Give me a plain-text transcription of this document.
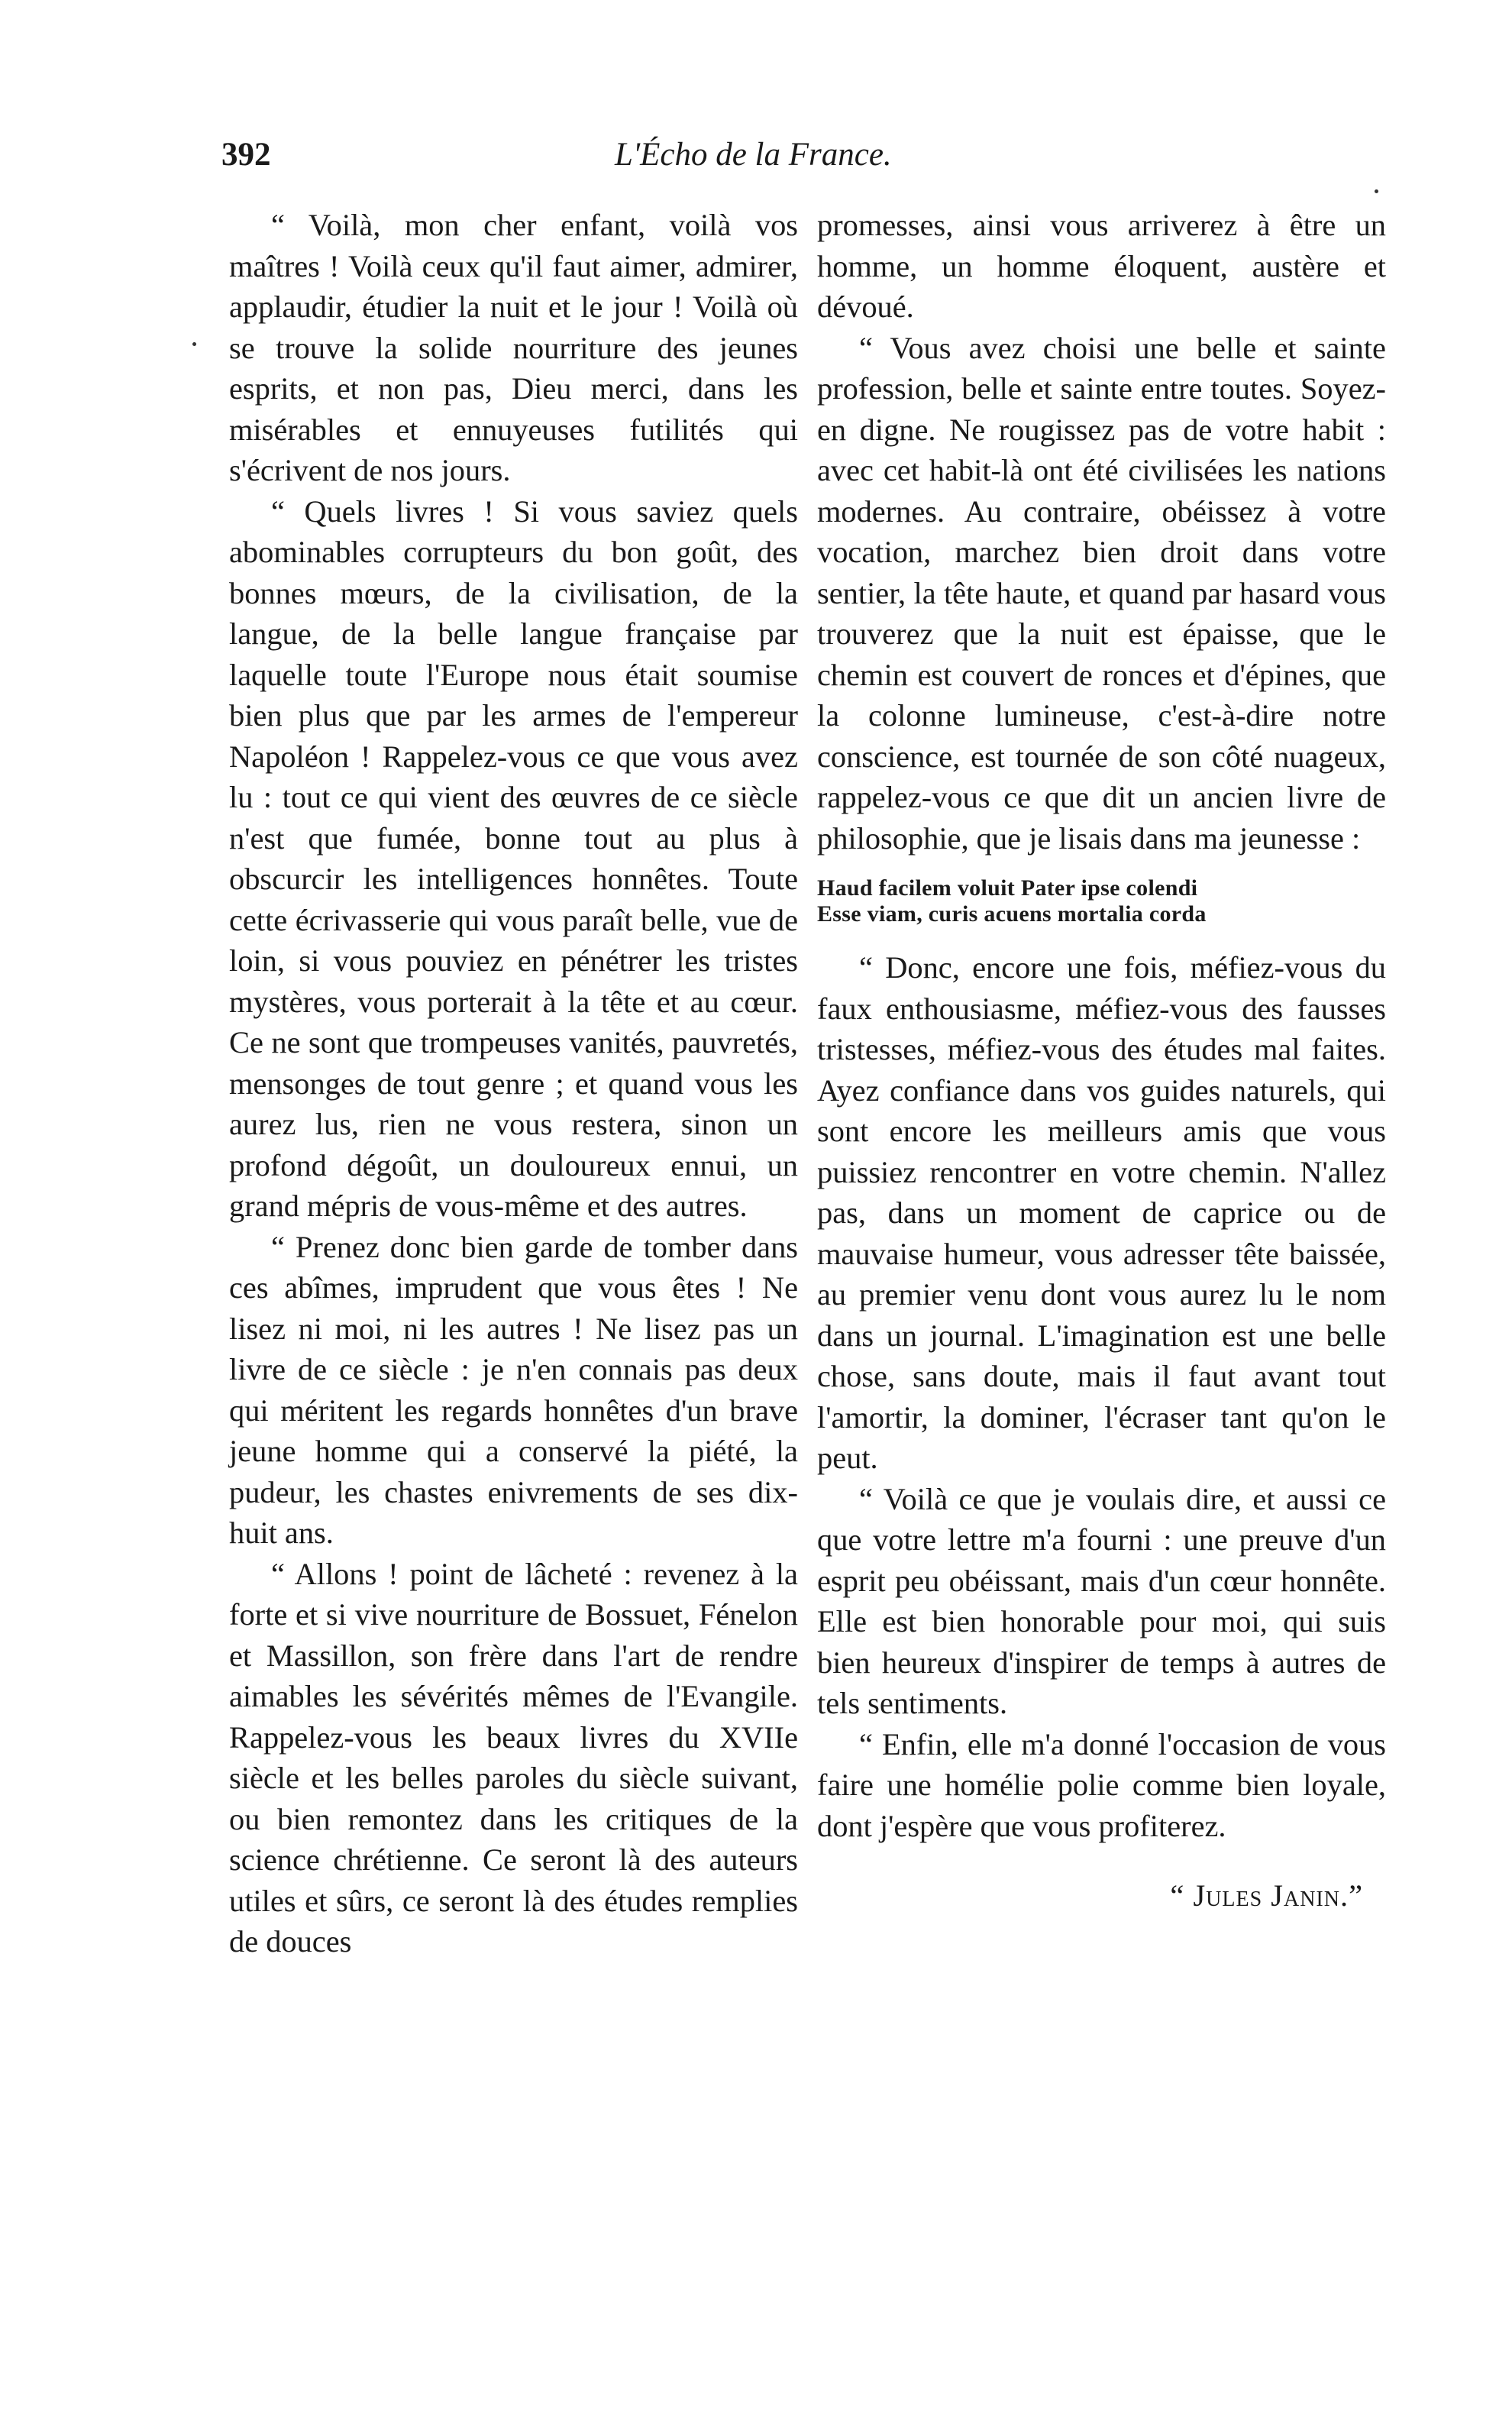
392	L'Écho de la France.

“ Voilà, mon cher enfant, voilà vos maîtres ! Voilà ceux qu'il faut aimer, admirer, applaudir, étudier la nuit et le jour ! Voilà où se trouve la solide nourriture des jeunes esprits, et non pas, Dieu merci, dans les misérables et ennuyeuses futilités qui s'écrivent de nos jours.

“ Quels livres ! Si vous saviez quels abominables corrupteurs du bon goût, des bonnes mœurs, de la civilisation, de la langue, de la belle langue française par laquelle toute l'Europe nous était soumise bien plus que par les armes de l'empereur Napoléon ! Rappelez-vous ce que vous avez lu : tout ce qui vient des œuvres de ce siècle n'est que fumée, bonne tout au plus à obscurcir les intelligences honnêtes. Toute cette écrivasserie qui vous paraît belle, vue de loin, si vous pouviez en pénétrer les tristes mystères, vous porterait à la tête et au cœur. Ce ne sont que trompeuses vanités, pauvretés, mensonges de tout genre ; et quand vous les aurez lus, rien ne vous restera, sinon un profond dégoût, un douloureux ennui, un grand mépris de vous-même et des autres.

“ Prenez donc bien garde de tomber dans ces abîmes, imprudent que vous êtes ! Ne lisez ni moi, ni les autres ! Ne lisez pas un livre de ce siècle : je n'en connais pas deux qui méritent les regards honnêtes d'un brave jeune homme qui a conservé la piété, la pudeur, les chastes enivrements de ses dix-huit ans.

“ Allons ! point de lâcheté : revenez à la forte et si vive nourriture de Bossuet, Fénelon et Massillon, son frère dans l'art de rendre aimables les sévérités mêmes de l'Evangile. Rappelez-vous les beaux livres du XVIIe siècle et les belles paroles du siècle suivant, ou bien remontez dans les critiques de la science chrétienne. Ce seront là des auteurs utiles et sûrs, ce seront là des études remplies de douces

promesses, ainsi vous arriverez à être un homme, un homme éloquent, austère et dévoué.

“ Vous avez choisi une belle et sainte profession, belle et sainte entre toutes. Soyez-en digne. Ne rougissez pas de votre habit : avec cet habit-là ont été civilisées les nations modernes. Au contraire, obéissez à votre vocation, marchez bien droit dans votre sentier, la tête haute, et quand par hasard vous trouverez que la nuit est épaisse, que le chemin est couvert de ronces et d'épines, que la colonne lumineuse, c'est-à-dire notre conscience, est tournée de son côté nuageux, rappelez-vous ce que dit un ancien livre de philosophie, que je lisais dans ma jeunesse :

Haud facilem voluit Pater ipse colendi
Esse viam, curis acuens mortalia corda

“ Donc, encore une fois, méfiez-vous du faux enthousiasme, méfiez-vous des fausses tristesses, méfiez-vous des études mal faites. Ayez confiance dans vos guides naturels, qui sont encore les meilleurs amis que vous puissiez rencontrer en votre chemin. N'allez pas, dans un moment de caprice ou de mauvaise humeur, vous adresser tête baissée, au premier venu dont vous aurez lu le nom dans un journal. L'imagination est une belle chose, sans doute, mais il faut avant tout l'amortir, la dominer, l'écraser tant qu'on le peut.

“ Voilà ce que je voulais dire, et aussi ce que votre lettre m'a fourni : une preuve d'un esprit peu obéissant, mais d'un cœur honnête. Elle est bien honorable pour moi, qui suis bien heureux d'inspirer de temps à autres de tels sentiments.

“ Enfin, elle m'a donné l'occasion de vous faire une homélie polie comme bien loyale, dont j'espère que vous profiterez.

“ Jules Janin.”
